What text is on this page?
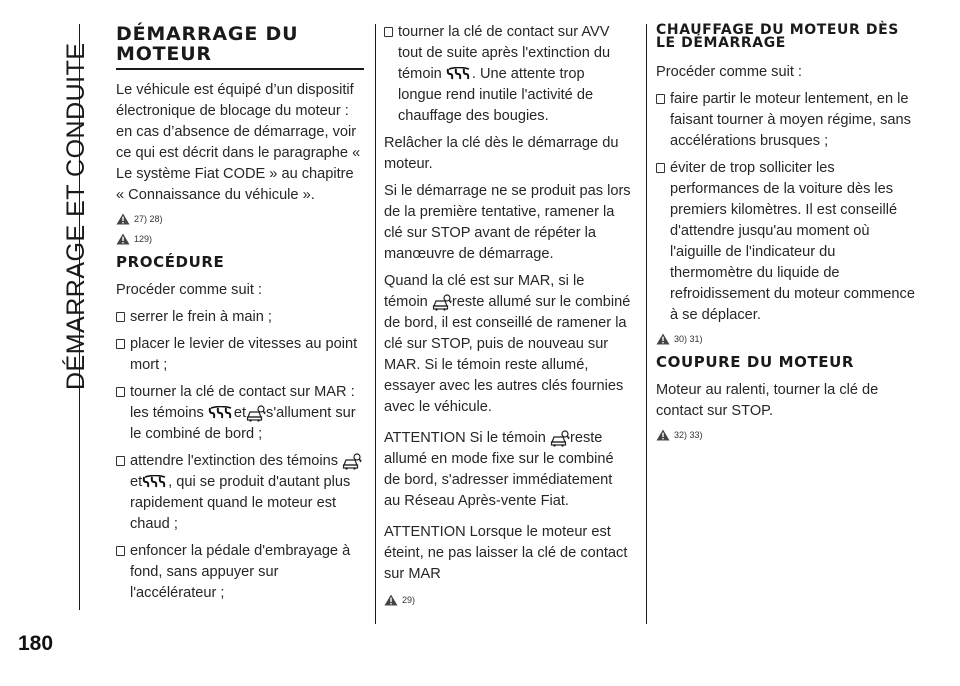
DÉMARRAGE ET CONDUITE
180
DÉMARRAGE DU MOTEUR

Le véhicule est équipé d’un dispositif électronique de blocage du moteur : en cas d’absence de démarrage, voir ce qui est décrit dans le paragraphe « Le système Fiat CODE » au chapitre « Connaissance du véhicule ».

27) 28)
129)
PROCÉDURE

Procéder comme suit :

serrer le frein à main ;
placer le levier de vitesses au point mort ;
tourner la clé de contact sur MAR : les témoins et s'allument sur le combiné de bord ;
attendre l'extinction des témoins et , qui se produit d'autant plus rapidement quand le moteur est chaud ;
enfoncer la pédale d'embrayage à fond, sans appuyer sur l'accélérateur ;
tourner la clé de contact sur AVV tout de suite après l'extinction du témoin . Une attente trop longue rend inutile l'activité de chauffage des bougies.

Relâcher la clé dès le démarrage du moteur.

Si le démarrage ne se produit pas lors de la première tentative, ramener la clé sur STOP avant de répéter la manœuvre de démarrage.

Quand la clé est sur MAR, si le témoin reste allumé sur le combiné de bord, il est conseillé de ramener la clé sur STOP, puis de nouveau sur MAR. Si le témoin reste allumé, essayer avec les autres clés fournies avec le véhicule.

ATTENTION Si le témoin reste allumé en mode fixe sur le combiné de bord, s'adresser immédiatement au Réseau Après-vente Fiat.

ATTENTION Lorsque le moteur est éteint, ne pas laisser la clé de contact sur MAR

29)
CHAUFFAGE DU MOTEUR DÈS LE DÉMARRAGE

Procéder comme suit :

faire partir le moteur lentement, en le faisant tourner à moyen régime, sans accélérations brusques ;
éviter de trop solliciter les performances de la voiture dès les premiers kilomètres. Il est conseillé d'attendre jusqu'au moment où l'aiguille de l'indicateur du thermomètre du liquide de refroidissement du moteur commence à se déplacer.
30) 31)
COUPURE DU MOTEUR

Moteur au ralenti, tourner la clé de contact sur STOP.

32) 33)
